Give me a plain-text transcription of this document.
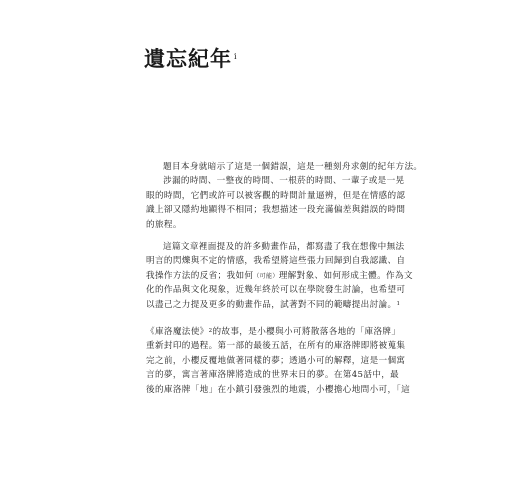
遺忘紀年 $^i$
題目本身就暗示了這是一個錯誤，這是一種刻舟求劍的紀年方法。
涉漏的時間、一整夜的時間、一根菸的時間、一輩子或是一晃
眼的時間，它們或許可以被客觀的時間計量逼辨，但是在情感的認
識上卻又隱約地顯得不相同；我想描述一段充滿偏差與錯誤的時間
的旅程。
這篇文章裡面提及的許多動畫作品，都寫盡了我在想像中無法
明言的閃爍與不定的情感，我希望將這些張力回歸到自我認識、自
我操作方法的反省；我如何（可能）理解對象、如何形成主體。作為文
化的作品與文化現象，近幾年終於可以在學院發生討論，也希望可
以盡己之力提及更多的動畫作品，試著對不同的範疇提出討論。$^1$
《庫洛魔法使》$^2$的故事，是小櫻與小可將散落各地的「庫洛牌」
重新封印的過程。第一部的最後五話，在所有的庫洛牌即將被蒐集
完之前，小櫻反覆地做著同樣的夢；透過小可的解釋，這是一個寓
言的夢，寓言著庫洛牌將造成的世界末日的夢。在第45話中，最
後的庫洛牌「地」在小鎮引發強烈的地震，小櫻擔心地問小可，「這
